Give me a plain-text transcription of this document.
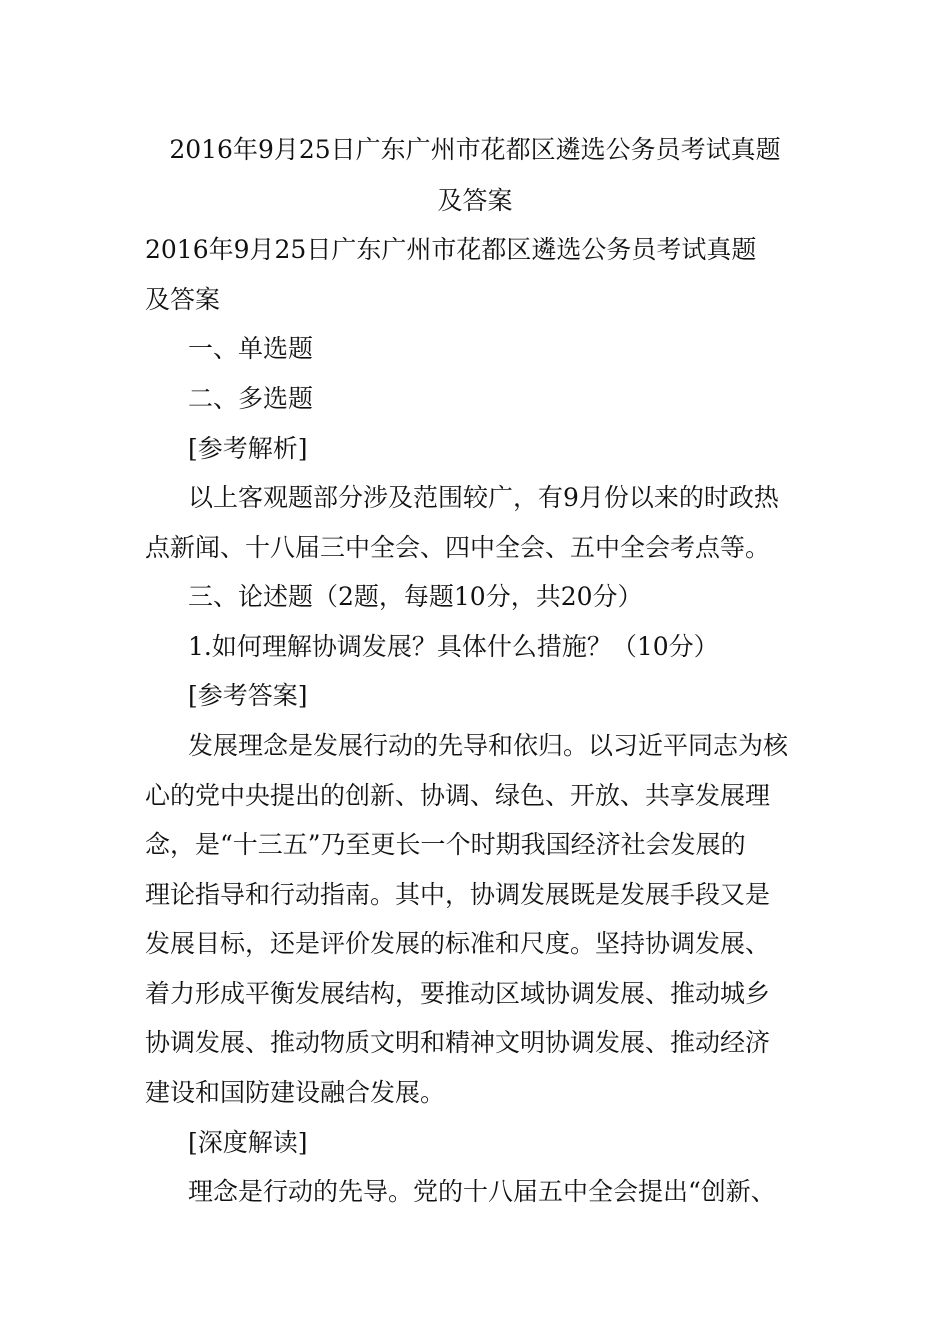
2016年9月25日广东广州市花都区遴选公务员考试真题
及答案
2016年9月25日广东广州市花都区遴选公务员考试真题
及答案
一、单选题
二、多选题
[参考解析]
以上客观题部分涉及范围较广，有9月份以来的时政热
点新闻、十八届三中全会、四中全会、五中全会考点等。
三、论述题（2题，每题10分，共20分）
1.如何理解协调发展？具体什么措施？（10分）
[参考答案]
发展理念是发展行动的先导和依归。以习近平同志为核
心的党中央提出的创新、协调、绿色、开放、共享发展理
念，是“十三五”乃至更长一个时期我国经济社会发展的
理论指导和行动指南。其中，协调发展既是发展手段又是
发展目标，还是评价发展的标准和尺度。坚持协调发展、
着力形成平衡发展结构，要推动区域协调发展、推动城乡
协调发展、推动物质文明和精神文明协调发展、推动经济
建设和国防建设融合发展。
[深度解读]
理念是行动的先导。党的十八届五中全会提出“创新、
